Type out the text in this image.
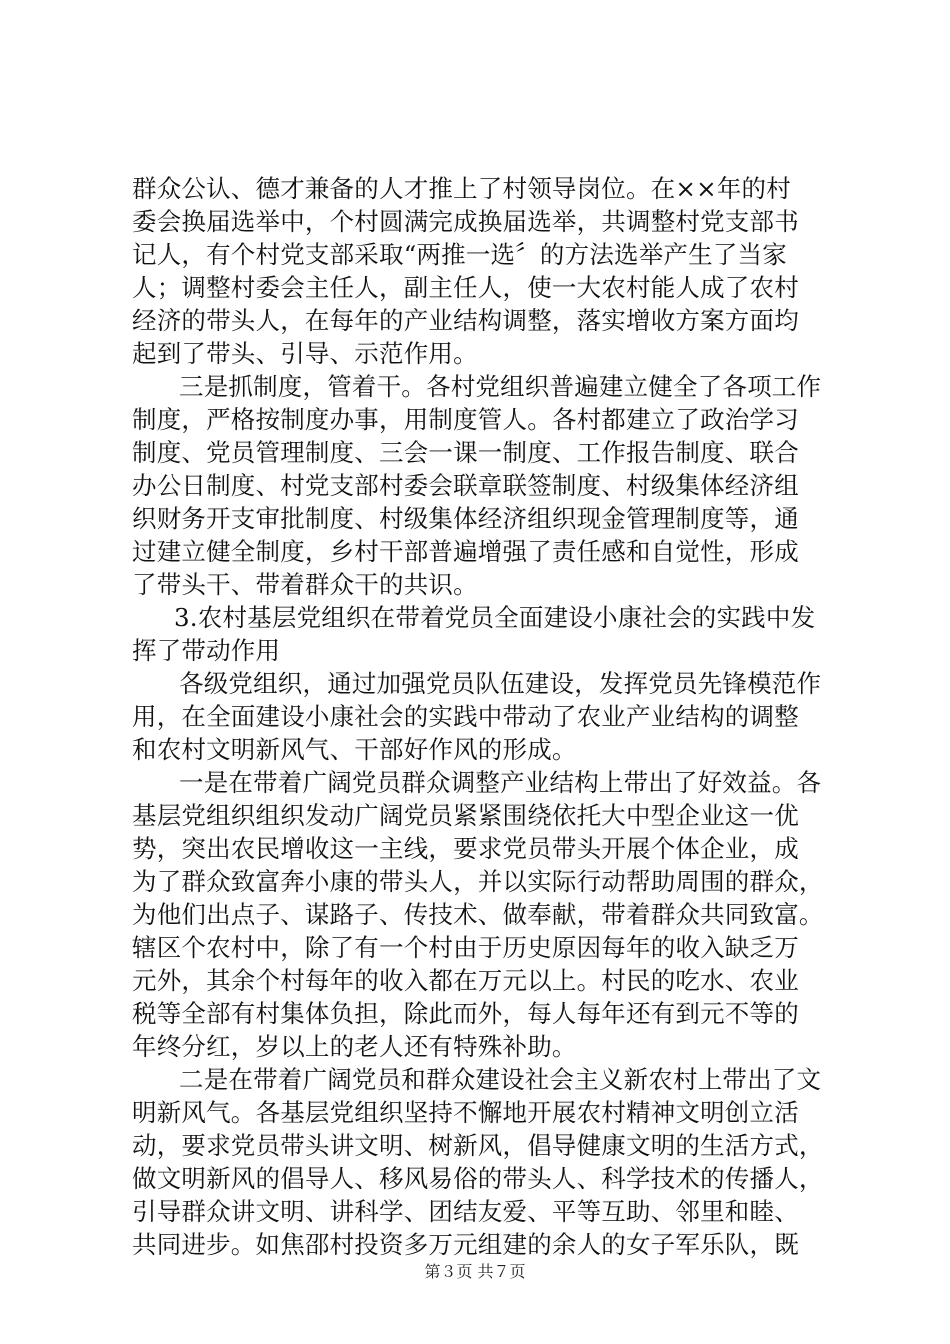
群众公认、德才兼备的人才推上了村领导岗位。在××年的村
委会换届选举中，个村圆满完成换届选举，共调整村党支部书
记人，有个村党支部采取“两推一选〞的方法选举产生了当家
人；调整村委会主任人，副主任人，使一大农村能人成了农村
经济的带头人，在每年的产业结构调整，落实增收方案方面均
起到了带头、引导、示范作用。
三是抓制度，管着干。各村党组织普遍建立健全了各项工作
制度，严格按制度办事，用制度管人。各村都建立了政治学习
制度、党员管理制度、三会一课一制度、工作报告制度、联合
办公日制度、村党支部村委会联章联签制度、村级集体经济组
织财务开支审批制度、村级集体经济组织现金管理制度等，通
过建立健全制度，乡村干部普遍增强了责任感和自觉性，形成
了带头干、带着群众干的共识。
3.农村基层党组织在带着党员全面建设小康社会的实践中发
挥了带动作用
各级党组织，通过加强党员队伍建设，发挥党员先锋模范作
用，在全面建设小康社会的实践中带动了农业产业结构的调整
和农村文明新风气、干部好作风的形成。
一是在带着广阔党员群众调整产业结构上带出了好效益。各
基层党组织组织发动广阔党员紧紧围绕依托大中型企业这一优
势，突出农民增收这一主线，要求党员带头开展个体企业，成
为了群众致富奔小康的带头人，并以实际行动帮助周围的群众，
为他们出点子、谋路子、传技术、做奉献，带着群众共同致富。
辖区个农村中，除了有一个村由于历史原因每年的收入缺乏万
元外，其余个村每年的收入都在万元以上。村民的吃水、农业
税等全部有村集体负担，除此而外，每人每年还有到元不等的
年终分红，岁以上的老人还有特殊补助。
二是在带着广阔党员和群众建设社会主义新农村上带出了文
明新风气。各基层党组织坚持不懈地开展农村精神文明创立活
动，要求党员带头讲文明、树新风，倡导健康文明的生活方式，
做文明新风的倡导人、移风易俗的带头人、科学技术的传播人，
引导群众讲文明、讲科学、团结友爱、平等互助、邻里和睦、
共同进步。如焦邵村投资多万元组建的余人的女子军乐队，既
第３页 共７页
